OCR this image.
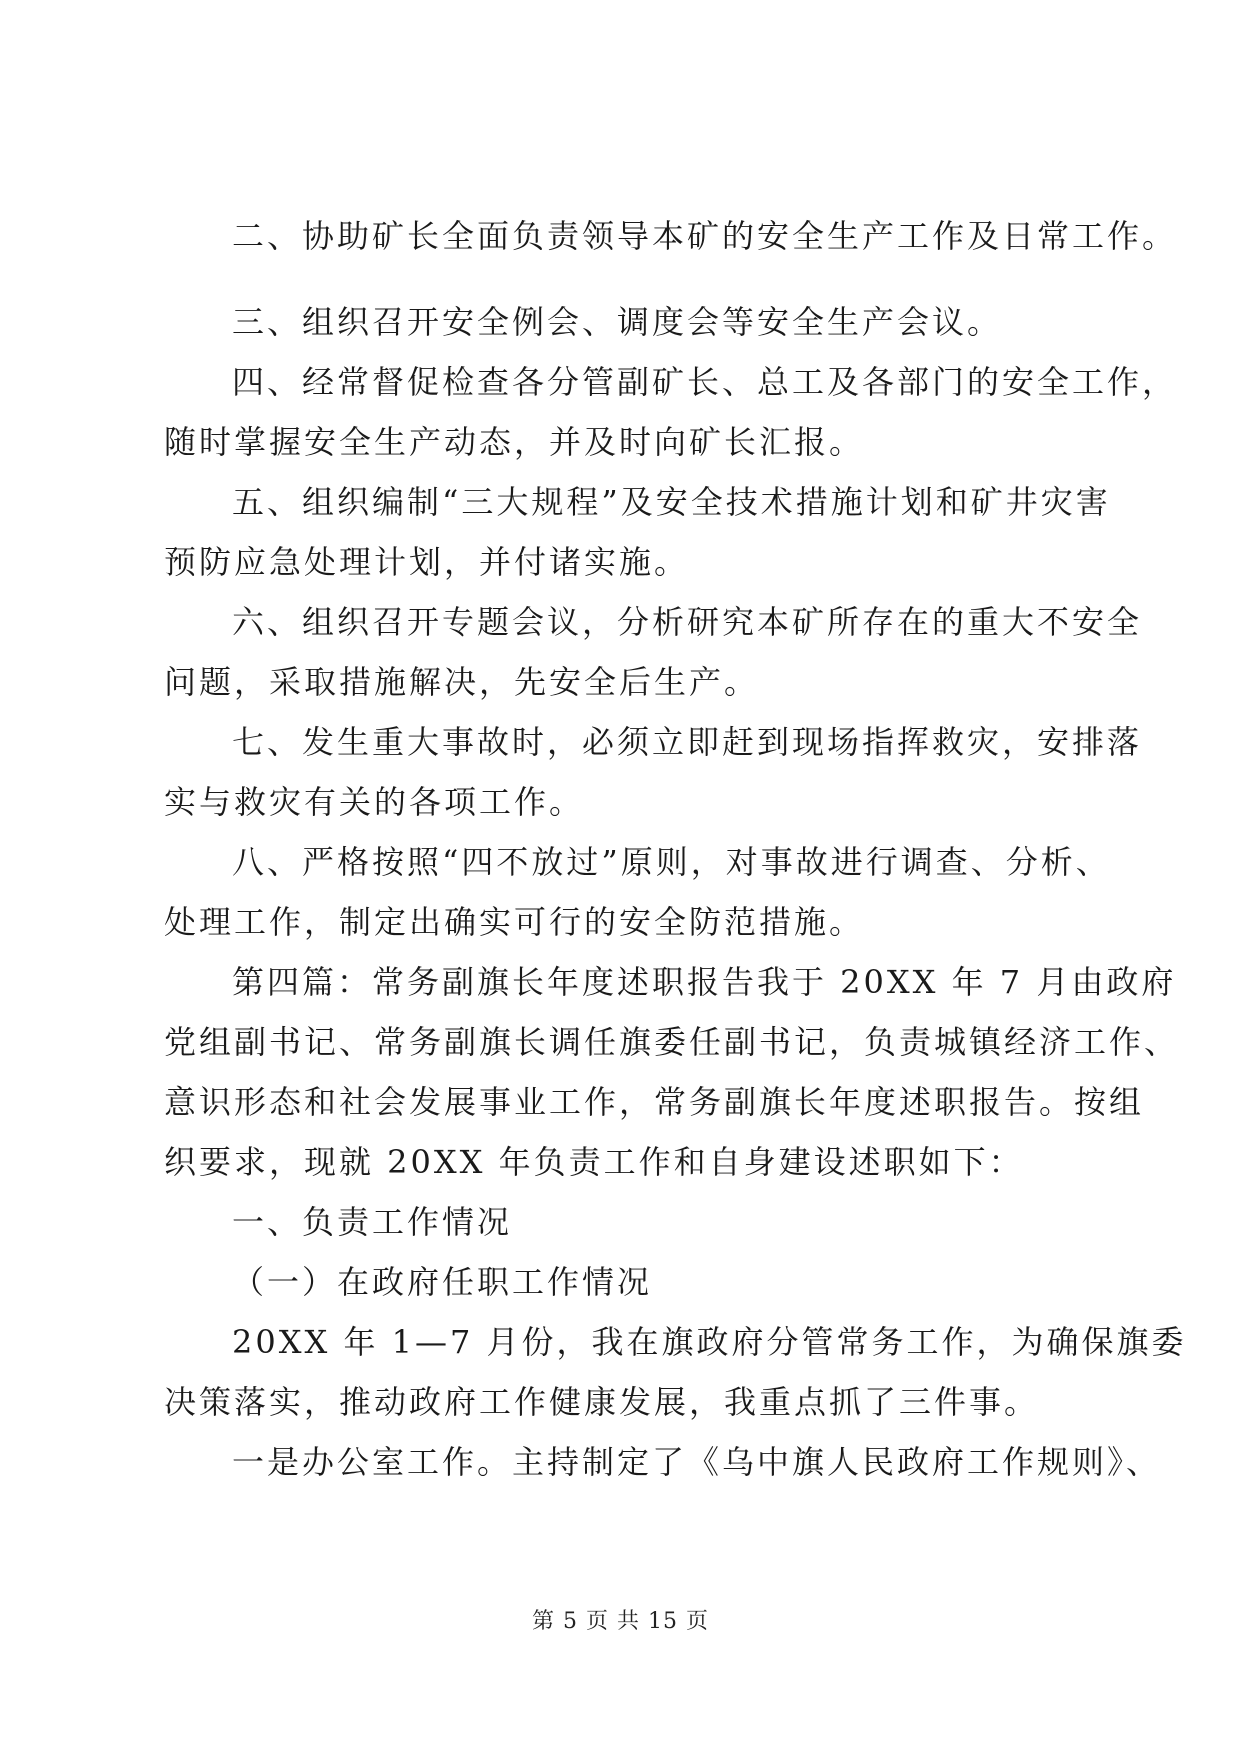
二、协助矿长全面负责领导本矿的安全生产工作及日常工作。
三、组织召开安全例会、调度会等安全生产会议。
四、经常督促检查各分管副矿长、总工及各部门的安全工作，
随时掌握安全生产动态，并及时向矿长汇报。
五、组织编制“三大规程”及安全技术措施计划和矿井灾害
预防应急处理计划，并付诸实施。
六、组织召开专题会议，分析研究本矿所存在的重大不安全
问题，采取措施解决，先安全后生产。
七、发生重大事故时，必须立即赶到现场指挥救灾，安排落
实与救灾有关的各项工作。
八、严格按照“四不放过”原则，对事故进行调查、分析、
处理工作，制定出确实可行的安全防范措施。
第四篇：常务副旗长年度述职报告我于 20XX 年 7 月由政府
党组副书记、常务副旗长调任旗委任副书记，负责城镇经济工作、
意识形态和社会发展事业工作，常务副旗长年度述职报告。按组
织要求，现就 20XX 年负责工作和自身建设述职如下：
一、负责工作情况
（一）在政府任职工作情况
20XX 年 1—7 月份，我在旗政府分管常务工作，为确保旗委
决策落实，推动政府工作健康发展，我重点抓了三件事。
一是办公室工作。主持制定了《乌中旗人民政府工作规则》、
第 5 页 共 15 页
